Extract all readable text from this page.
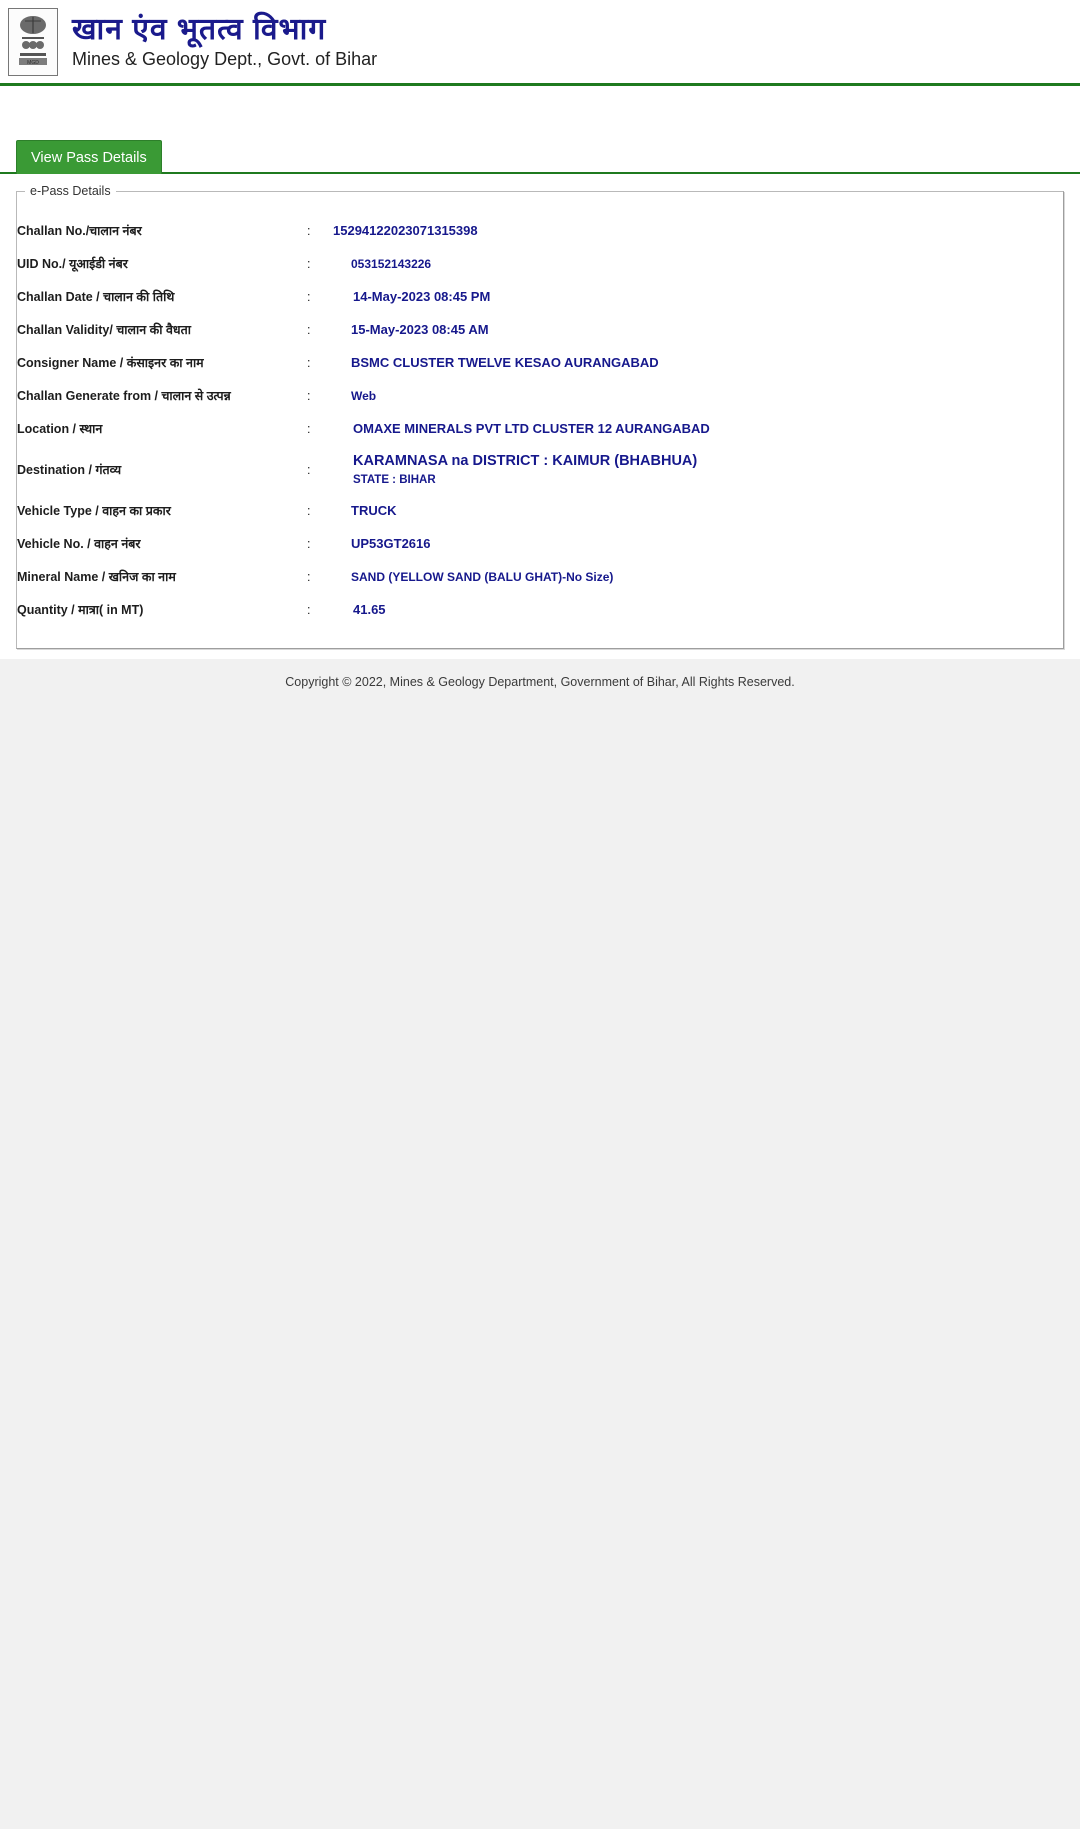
MGD
खान एंव भूतत्व विभाग
Mines & Geology Dept., Govt. of Bihar
View Pass Details
e-Pass Details
Challan No./चालान नंबर	:	15294122023071315398
UID No./ यूआईडी नंबर	:	053152143226
Challan Date / चालान की तिथि	:	14-May-2023 08:45 PM
Challan Validity/ चालान की वैधता	:	15-May-2023 08:45 AM
Consigner Name / कंसाइनर का नाम	:	BSMC CLUSTER TWELVE KESAO AURANGABAD
Challan Generate from / चालान से उत्पन्न	:	Web
Location / स्थान	:	OMAXE MINERALS PVT LTD CLUSTER 12 AURANGABAD
Destination / गंतव्य	:	KARAMNASA na DISTRICT : KAIMUR (BHABHUA)
STATE : BIHAR

Vehicle Type / वाहन का प्रकार	:	TRUCK
Vehicle No. / वाहन नंबर	:	UP53GT2616
Mineral Name / खनिज का नाम	:	SAND (YELLOW SAND (BALU GHAT)-No Size)
Quantity / मात्रा( in MT)	:	41.65
Copyright © 2022, Mines & Geology Department, Government of Bihar, All Rights Reserved.
